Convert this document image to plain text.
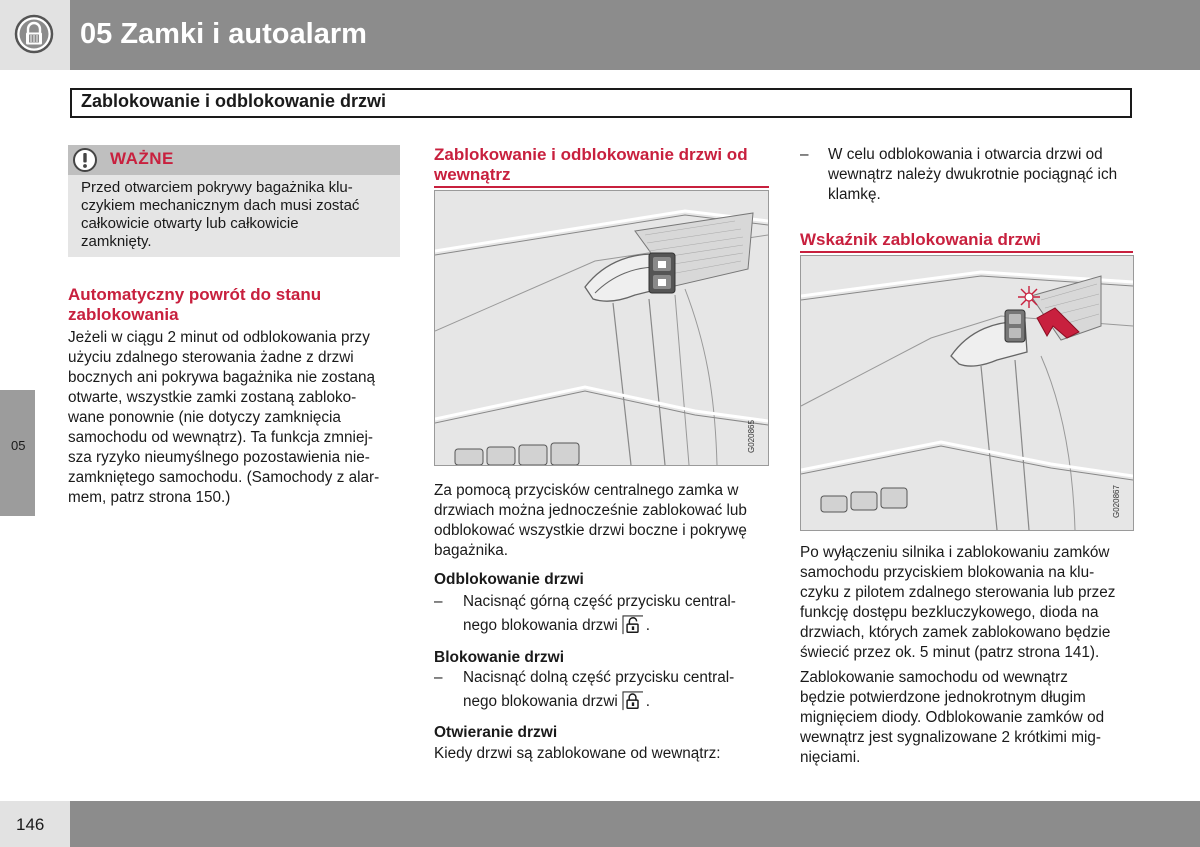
05 Zamki i autoalarm
Zablokowanie i odblokowanie drzwi
05
146
WAŻNE
Przed otwarciem pokrywy bagażnika klu-
czykiem mechanicznym dach musi zostać
całkowicie otwarty lub całkowicie
zamknięty.
Automatyczny powrót do stanu
zablokowania
Jeżeli w ciągu 2 minut od odblokowania przy
użyciu zdalnego sterowania żadne z drzwi
bocznych ani pokrywa bagażnika nie zostaną
otwarte, wszystkie zamki zostaną zabloko-
wane ponownie (nie dotyczy zamknięcia
samochodu od wewnątrz). Ta funkcja zmniej-
sza ryzyko nieumyślnego pozostawienia nie-
zamkniętego samochodu. (Samochody z alar-
mem, patrz strona 150.)
Zablokowanie i odblokowanie drzwi od
wewnątrz
G020865
Za pomocą przycisków centralnego zamka w
drzwiach można jednocześnie zablokować lub
odblokować wszystkie drzwi boczne i pokrywę
bagażnika.
Odblokowanie drzwi
– Nacisnąć górną część przycisku central-
nego blokowania drzwi .
Blokowanie drzwi
– Nacisnąć dolną część przycisku central-
nego blokowania drzwi .
Otwieranie drzwi
Kiedy drzwi są zablokowane od wewnątrz:
– W celu odblokowania i otwarcia drzwi od
wewnątrz należy dwukrotnie pociągnąć ich
klamkę.
Wskaźnik zablokowania drzwi
G020867
Po wyłączeniu silnika i zablokowaniu zamków
samochodu przyciskiem blokowania na klu-
czyku z pilotem zdalnego sterowania lub przez
funkcję dostępu bezkluczykowego, dioda na
drzwiach, których zamek zablokowano będzie
świecić przez ok. 5 minut (patrz strona 141).
Zablokowanie samochodu od wewnątrz
będzie potwierdzone jednokrotnym długim
mignięciem diody. Odblokowanie zamków od
wewnątrz jest sygnalizowane 2 krótkimi mig-
nięciami.
